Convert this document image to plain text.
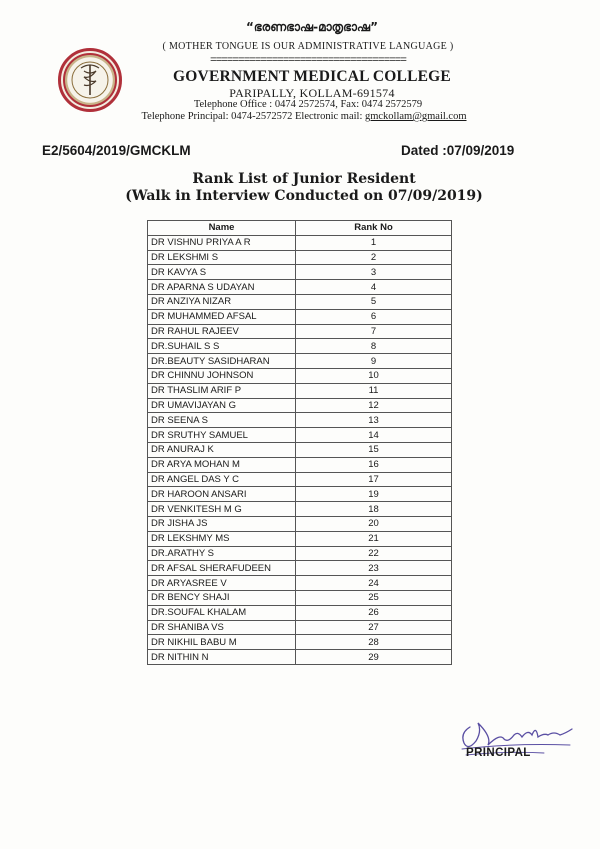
“ഭരണഭാഷ-മാതൃഭാഷ”
( MOTHER TONGUE IS OUR ADMINISTRATIVE LANGUAGE )
===================================
GOVERNMENT MEDICAL COLLEGE
PARIPALLY, KOLLAM-691574
Telephone Office : 0474 2572574, Fax: 0474 2572579
Telephone Principal: 0474-2572572 Electronic mail: gmckollam@gmail.com
E2/5604/2019/GMCKLM	Dated :07/09/2019
Rank List of Junior Resident
(Walk in Interview Conducted on 07/09/2019)
Name	Rank No
DR VISHNU PRIYA A R	1
DR LEKSHMI S	2
DR KAVYA S	3
DR APARNA S UDAYAN	4
DR ANZIYA NIZAR	5
DR MUHAMMED AFSAL	6
DR RAHUL RAJEEV	7
DR.SUHAIL S S	8
DR.BEAUTY SASIDHARAN	9
DR CHINNU JOHNSON	10
DR THASLIM ARIF P	11
DR UMAVIJAYAN G	12
DR SEENA S	13
DR SRUTHY SAMUEL	14
DR ANURAJ K	15
DR ARYA MOHAN M	16
DR ANGEL DAS Y C	17
DR HAROON ANSARI	19
DR VENKITESH M G	18
DR JISHA JS	20
DR LEKSHMY MS	21
DR.ARATHY S	22
DR AFSAL SHERAFUDEEN	23
DR ARYASREE V	24
DR BENCY SHAJI	25
DR.SOUFAL KHALAM	26
DR SHANIBA VS	27
DR NIKHIL BABU M	28
DR NITHIN N	29
PRINCIPAL
